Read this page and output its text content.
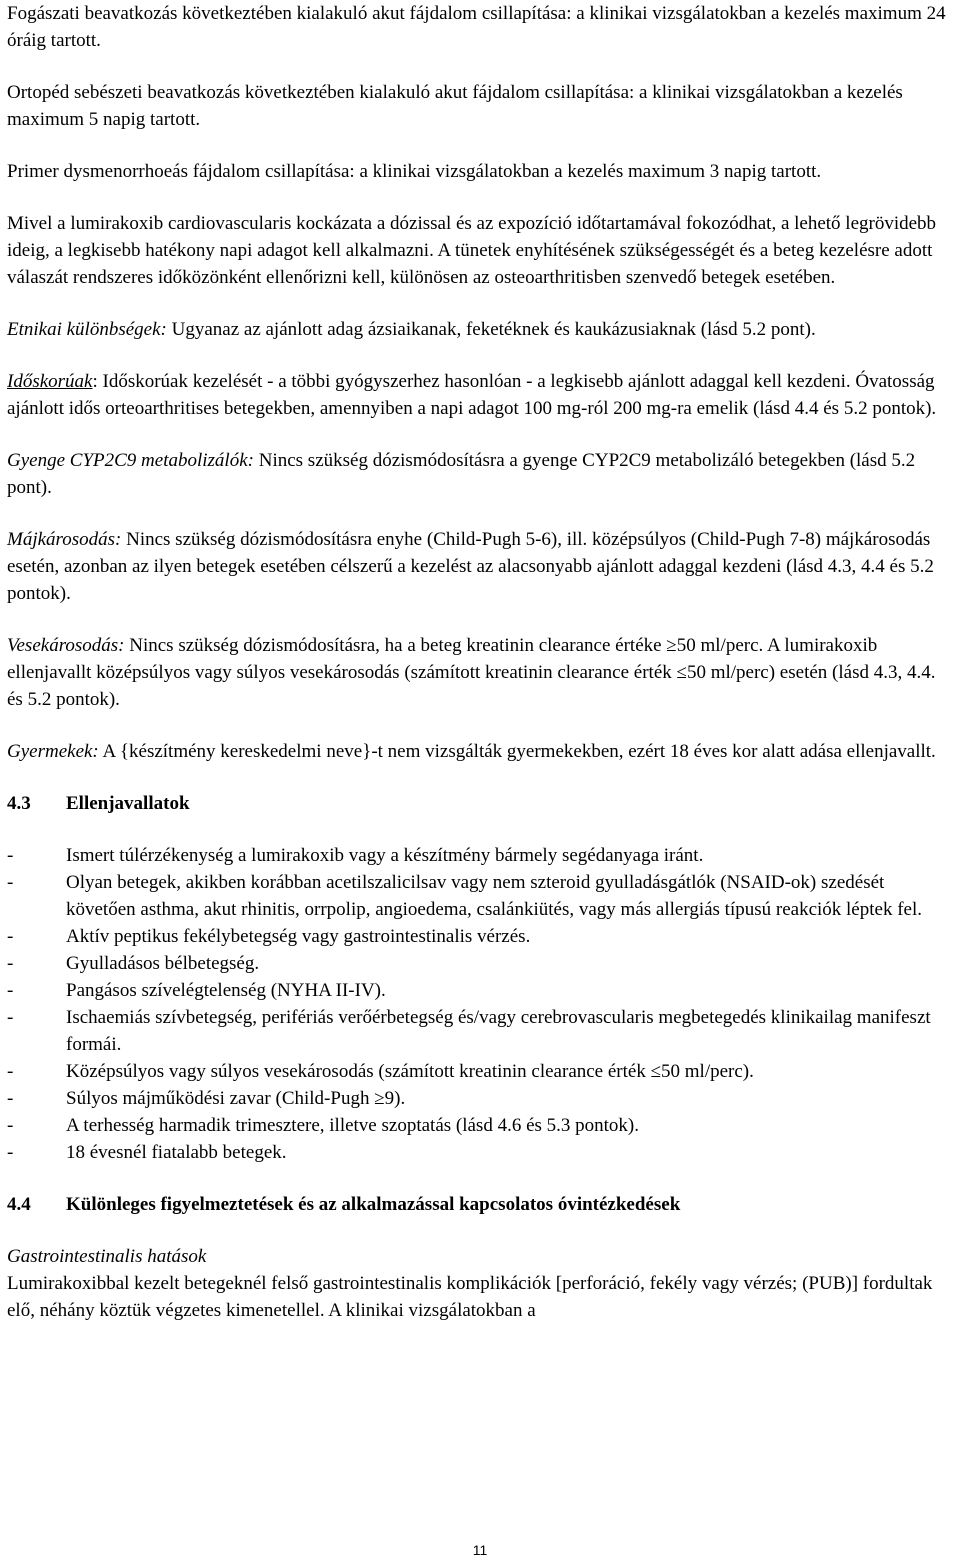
Fogászati beavatkozás következtében kialakuló akut fájdalom csillapítása: a klinikai vizsgálatokban a kezelés maximum 24 óráig tartott.

Ortopéd sebészeti beavatkozás következtében kialakuló akut fájdalom csillapítása: a klinikai vizsgálatokban a kezelés maximum 5 napig tartott.

Primer dysmenorrhoeás fájdalom csillapítása: a klinikai vizsgálatokban a kezelés maximum 3 napig tartott.

Mivel a lumirakoxib cardiovascularis kockázata a dózissal és az expozíció időtartamával fokozódhat, a lehető legrövidebb ideig, a legkisebb hatékony napi adagot kell alkalmazni. A tünetek enyhítésének szükségességét és a beteg kezelésre adott válaszát rendszeres időközönként ellenőrizni kell, különösen az osteoarthritisben szenvedő betegek esetében.

Etnikai különbségek: Ugyanaz az ajánlott adag ázsiaikanak, feketéknek és kaukázusiaknak (lásd 5.2 pont).

Időskorúak: Időskorúak kezelését - a többi gyógyszerhez hasonlóan - a legkisebb ajánlott adaggal kell kezdeni. Óvatosság ajánlott idős orteoarthritises betegekben, amennyiben a napi adagot 100 mg-ról 200 mg-ra emelik (lásd 4.4 és 5.2 pontok).

Gyenge CYP2C9 metabolizálók: Nincs szükség dózismódosításra a gyenge CYP2C9 metabolizáló betegekben (lásd 5.2 pont).

Májkárosodás: Nincs szükség dózismódosításra enyhe (Child-Pugh 5-6), ill. középsúlyos (Child-Pugh 7-8) májkárosodás esetén, azonban az ilyen betegek esetében célszerű a kezelést az alacsonyabb ajánlott adaggal kezdeni (lásd 4.3, 4.4 és 5.2 pontok).

Vesekárosodás: Nincs szükség dózismódosításra, ha a beteg kreatinin clearance értéke ≥50 ml/perc. A lumirakoxib ellenjavallt középsúlyos vagy súlyos vesekárosodás (számított kreatinin clearance érték ≤50 ml/perc) esetén (lásd 4.3, 4.4. és 5.2 pontok).

Gyermekek: A {készítmény kereskedelmi neve}-t nem vizsgálták gyermekekben, ezért 18 éves kor alatt adása ellenjavallt.

4.3	Ellenjavallatok
-	Ismert túlérzékenység a lumirakoxib vagy a készítmény bármely segédanyaga iránt.
-	Olyan betegek, akikben korábban acetilszalicilsav vagy nem szteroid gyulladásgátlók (NSAID-ok) szedését követően asthma, akut rhinitis, orrpolip, angioedema, csalánkiütés, vagy más allergiás típusú reakciók léptek fel.
-	Aktív peptikus fekélybetegség vagy gastrointestinalis vérzés.
-	Gyulladásos bélbetegség.
-	Pangásos szívelégtelenség (NYHA II-IV).
-	Ischaemiás szívbetegség, perifériás verőérbetegség és/vagy cerebrovascularis megbetegedés klinikailag manifeszt formái.
-	Középsúlyos vagy súlyos vesekárosodás (számított kreatinin clearance érték ≤50 ml/perc).
-	Súlyos májműködési zavar (Child-Pugh ≥9).
-	A terhesség harmadik trimesztere, illetve szoptatás (lásd 4.6 és 5.3 pontok).
-	18 évesnél fiatalabb betegek.
4.4	Különleges figyelmeztetések és az alkalmazással kapcsolatos óvintézkedések

Gastrointestinalis hatások

Lumirakoxibbal kezelt betegeknél felső gastrointestinalis komplikációk [perforáció, fekély vagy vérzés; (PUB)] fordultak elő, néhány köztük végzetes kimenetellel. A klinikai vizsgálatokban a

11
